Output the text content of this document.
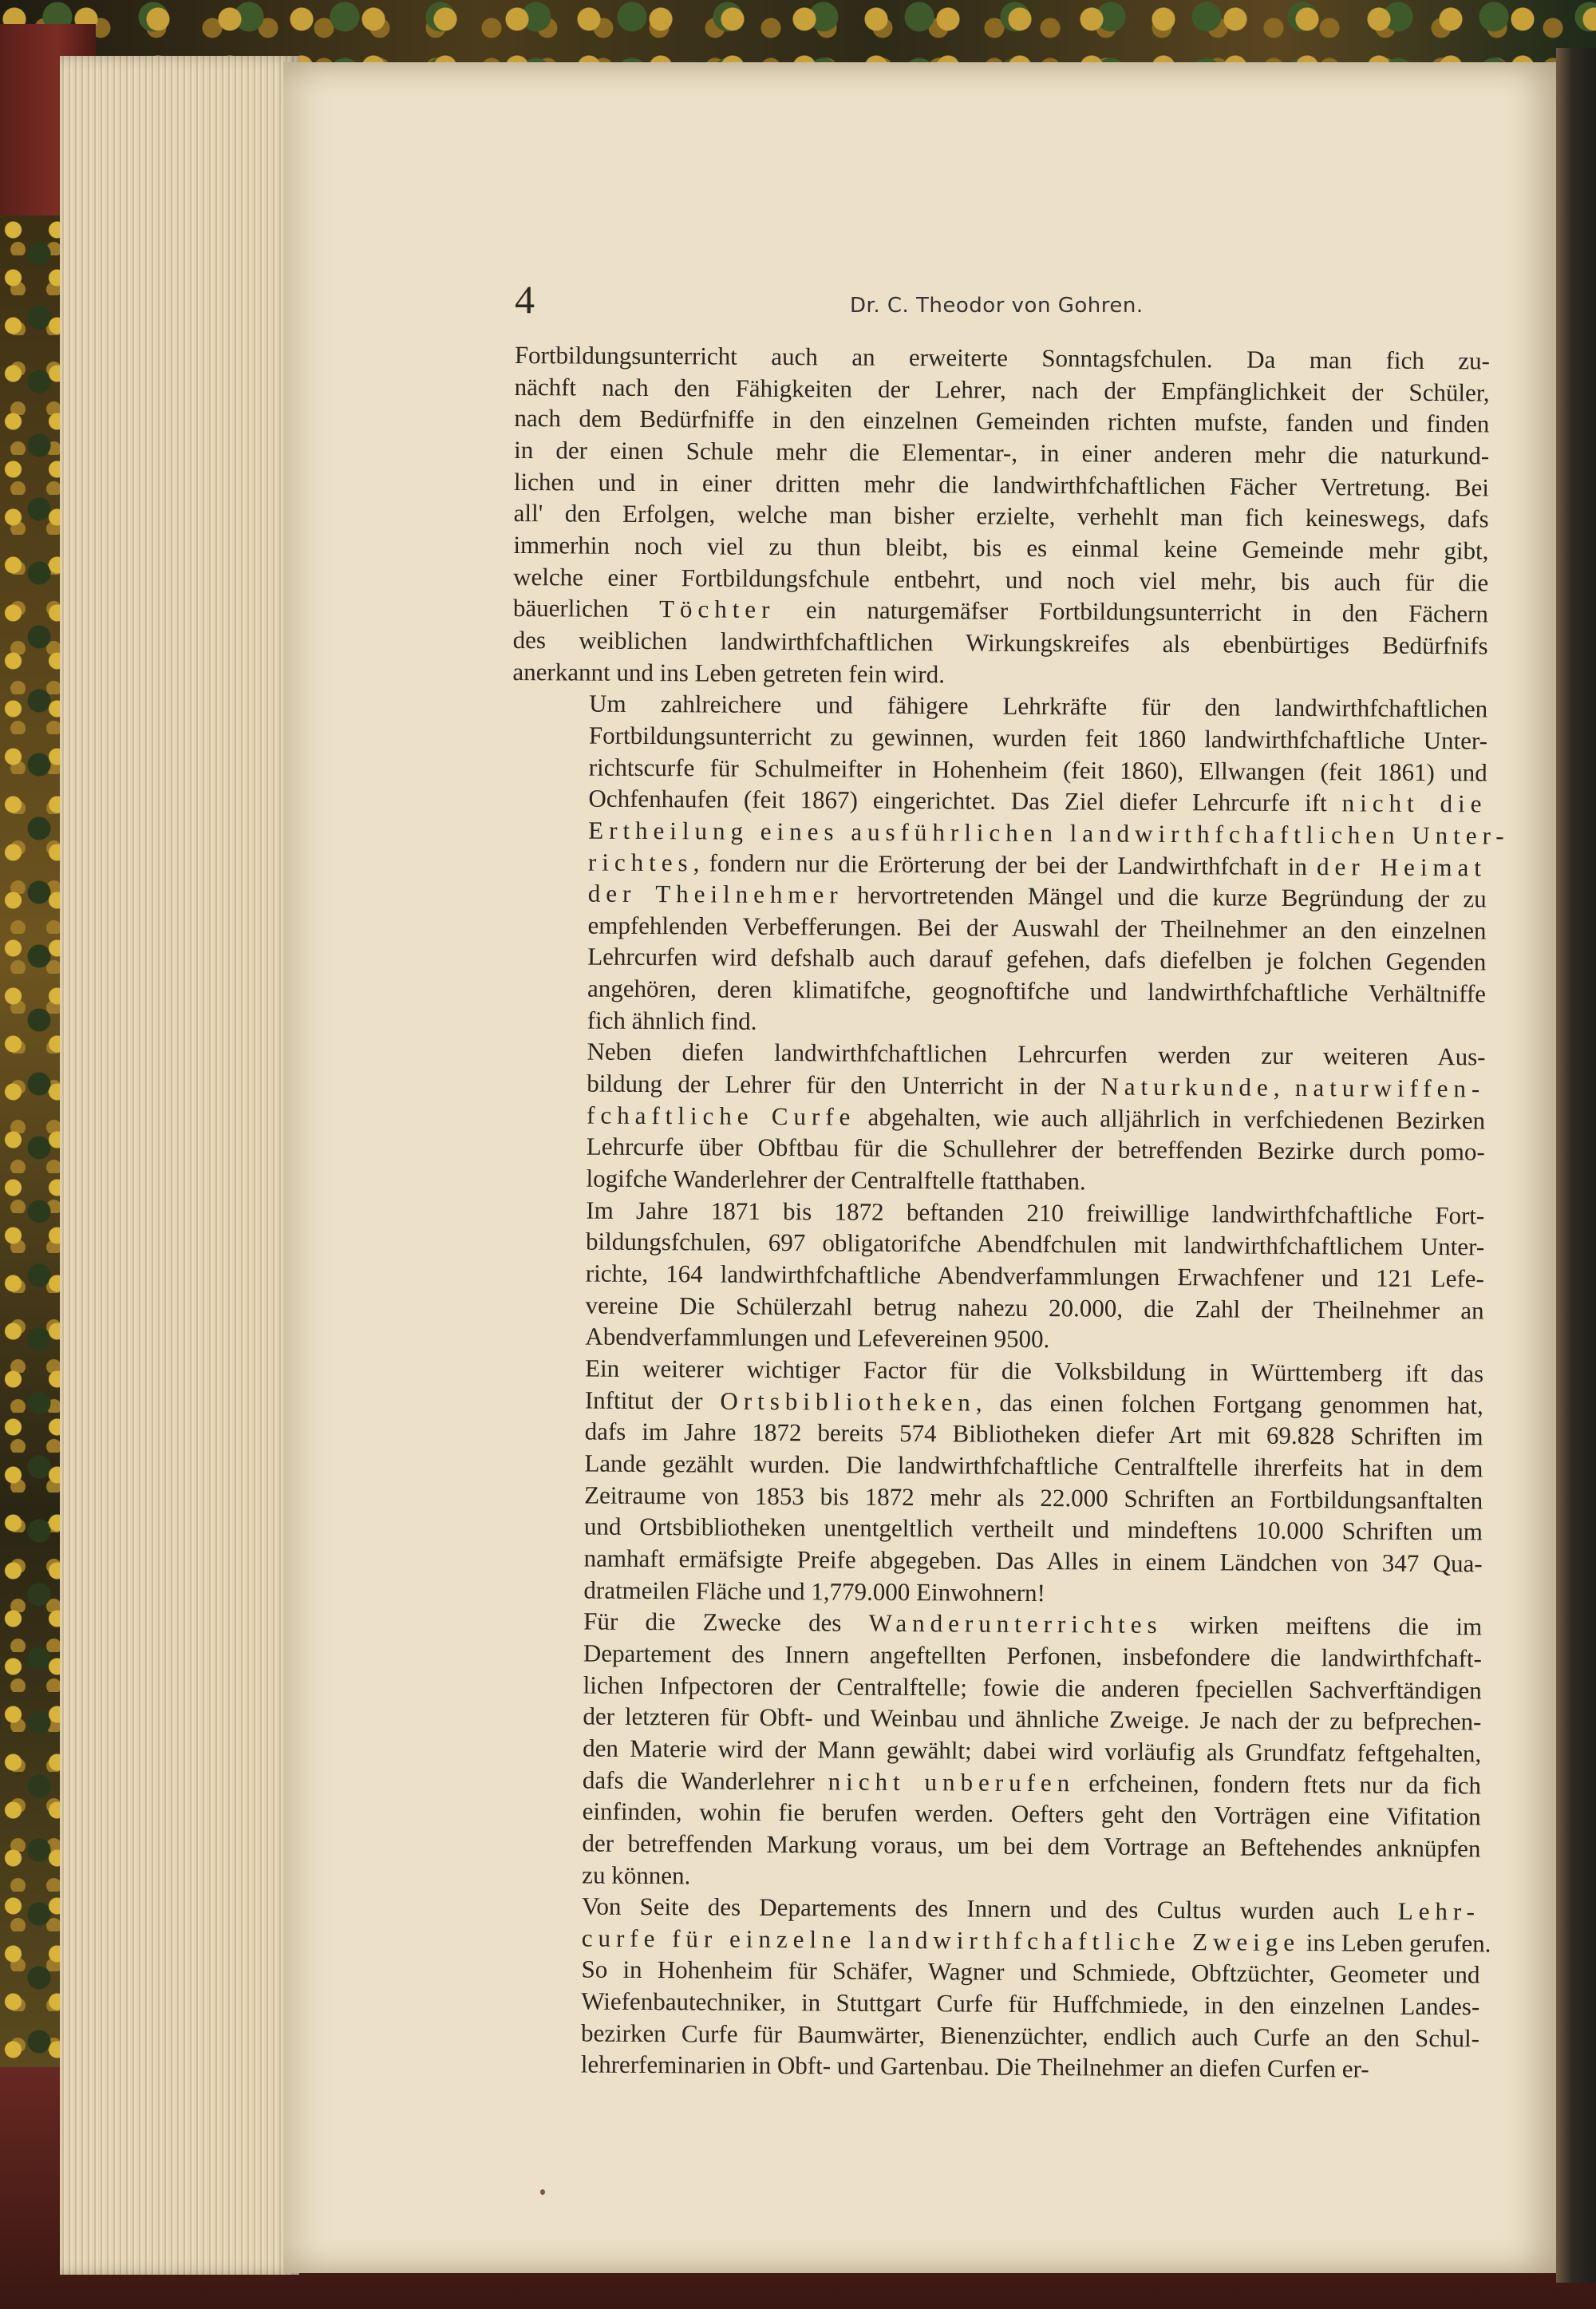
4	Dr. C. Theodor von Gohren.

Fortbildungsunterricht auch an erweiterte Sonntagsfchulen. Da man fich zu-
nächft nach den Fähigkeiten der Lehrer, nach der Empfänglichkeit der Schüler,
nach dem Bedürfniffe in den einzelnen Gemeinden richten mufste, fanden und finden
in der einen Schule mehr die Elementar-, in einer anderen mehr die naturkund-
lichen und in einer dritten mehr die landwirthfchaftlichen Fächer Vertretung. Bei
all' den Erfolgen, welche man bisher erzielte, verhehlt man fich keineswegs, dafs
immerhin noch viel zu thun bleibt, bis es einmal keine Gemeinde mehr gibt,
welche einer Fortbildungsfchule entbehrt, und noch viel mehr, bis auch für die
bäuerlichen Töchter ein naturgemäfser Fortbildungsunterricht in den Fächern
des weiblichen landwirthfchaftlichen Wirkungskreifes als ebenbürtiges Bedürfnifs
anerkannt und ins Leben getreten fein wird.

Um zahlreichere und fähigere Lehrkräfte für den landwirthfchaftlichen
Fortbildungsunterricht zu gewinnen, wurden feit 1860 landwirthfchaftliche Unter-
richtscurfe für Schulmeifter in Hohenheim (feit 1860), Ellwangen (feit 1861) und
Ochfenhaufen (feit 1867) eingerichtet. Das Ziel diefer Lehrcurfe ift nicht die
Ertheilung eines ausführlichen landwirthfchaftlichen Unter-
richtes, fondern nur die Erörterung der bei der Landwirthfchaft in der Heimat
der Theilnehmer hervortretenden Mängel und die kurze Begründung der zu
empfehlenden Verbefferungen. Bei der Auswahl der Theilnehmer an den einzelnen
Lehrcurfen wird defshalb auch darauf gefehen, dafs diefelben je folchen Gegenden
angehören, deren klimatifche, geognoftifche und landwirthfchaftliche Verhältniffe
fich ähnlich find.

Neben diefen landwirthfchaftlichen Lehrcurfen werden zur weiteren Aus-
bildung der Lehrer für den Unterricht in der Naturkunde, naturwiffen-
fchaftliche Curfe abgehalten, wie auch alljährlich in verfchiedenen Bezirken
Lehrcurfe über Obftbau für die Schullehrer der betreffenden Bezirke durch pomo-
logifche Wanderlehrer der Centralftelle ftatthaben.

Im Jahre 1871 bis 1872 beftanden 210 freiwillige landwirthfchaftliche Fort-
bildungsfchulen, 697 obligatorifche Abendfchulen mit landwirthfchaftlichem Unter-
richte, 164 landwirthfchaftliche Abendverfammlungen Erwachfener und 121 Lefe-
vereine Die Schülerzahl betrug nahezu 20.000, die Zahl der Theilnehmer an
Abendverfammlungen und Lefevereinen 9500.

Ein weiterer wichtiger Factor für die Volksbildung in Württemberg ift das
Inftitut der Ortsbibliotheken, das einen folchen Fortgang genommen hat,
dafs im Jahre 1872 bereits 574 Bibliotheken diefer Art mit 69.828 Schriften im
Lande gezählt wurden. Die landwirthfchaftliche Centralftelle ihrerfeits hat in dem
Zeitraume von 1853 bis 1872 mehr als 22.000 Schriften an Fortbildungsanftalten
und Ortsbibliotheken unentgeltlich vertheilt und mindeftens 10.000 Schriften um
namhaft ermäfsigte Preife abgegeben. Das Alles in einem Ländchen von 347 Qua-
dratmeilen Fläche und 1,779.000 Einwohnern!

Für die Zwecke des Wanderunterrichtes wirken meiftens die im
Departement des Innern angeftellten Perfonen, insbefondere die landwirthfchaft-
lichen Infpectoren der Centralftelle; fowie die anderen fpeciellen Sachverftändigen
der letzteren für Obft- und Weinbau und ähnliche Zweige. Je nach der zu befprechen-
den Materie wird der Mann gewählt; dabei wird vorläufig als Grundfatz feftgehalten,
dafs die Wanderlehrer nicht unberufen erfcheinen, fondern ftets nur da fich
einfinden, wohin fie berufen werden. Oefters geht den Vorträgen eine Vifitation
der betreffenden Markung voraus, um bei dem Vortrage an Beftehendes anknüpfen
zu können.

Von Seite des Departements des Innern und des Cultus wurden auch Lehr-
curfe für einzelne landwirthfchaftliche Zweige ins Leben gerufen.
So in Hohenheim für Schäfer, Wagner und Schmiede, Obftzüchter, Geometer und
Wiefenbautechniker, in Stuttgart Curfe für Huffchmiede, in den einzelnen Landes-
bezirken Curfe für Baumwärter, Bienenzüchter, endlich auch Curfe an den Schul-
lehrerfeminarien in Obft- und Gartenbau. Die Theilnehmer an diefen Curfen er-
